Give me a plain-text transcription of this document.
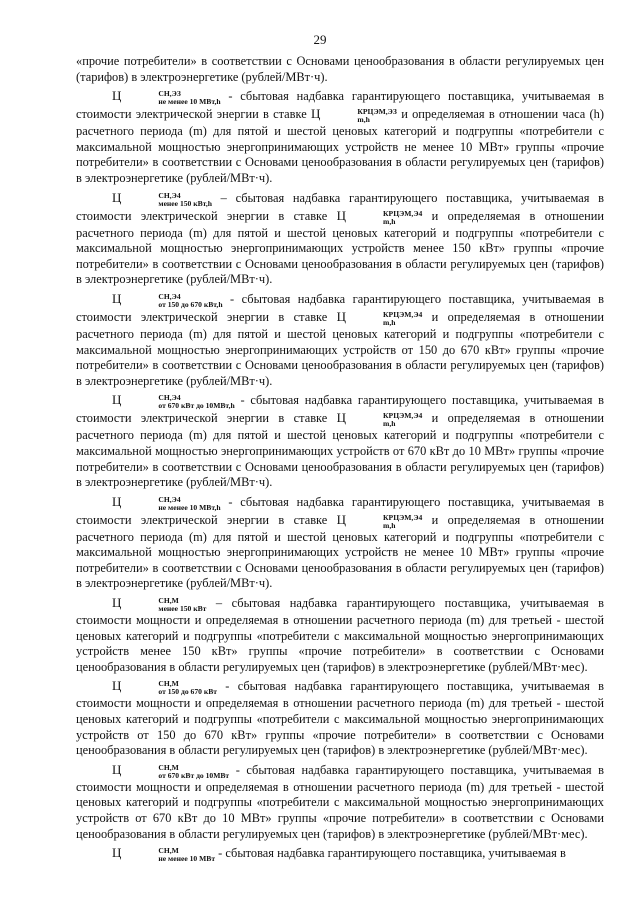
29

«прочие потребители» в соответствии с Основами ценообразования в области регулируемых цен (тарифов) в электроэнергетике (рублей/МВт·ч).

Ц	СН,ЭЗ
не менее 10 МВт,h - сбытовая надбавка гарантирующего поставщика, учитываемая в стоимости электрической энергии в ставке Ц	КРЦЭМ,ЭЗ
m,h	и определяемая в отношении часа (h) расчетного периода (m) для пятой и шестой ценовых категорий и подгруппы «потребители с максимальной мощностью энергопринимающих устройств не менее 10 МВт» группы «прочие потребители» в соответствии с Основами ценообразования в области регулируемых цен (тарифов) в электроэнергетике (рублей/МВт·ч).

Ц	СН,Э4
менее 150 кВт,h – сбытовая надбавка гарантирующего поставщика, учитываемая в стоимости электрической энергии в ставке Ц	КРЦЭМ,Э4
m,h	и определяемая в отношении расчетного периода (m) для пятой и шестой ценовых категорий и подгруппы «потребители с максимальной мощностью энергопринимающих устройств менее 150 кВт» группы «прочие потребители» в соответствии с Основами ценообразования в области регулируемых цен (тарифов) в электроэнергетике (рублей/МВт·ч).

Ц	СН,Э4
от 150 до 670 кВт,h - сбытовая надбавка гарантирующего поставщика, учитываемая в стоимости электрической энергии в ставке Ц	КРЦЭМ,Э4
m,h	и определяемая в отношении расчетного периода (m) для пятой и шестой ценовых категорий и подгруппы «потребители с максимальной мощностью энергопринимающих устройств от 150 до 670 кВт» группы «прочие потребители» в соответствии с Основами ценообразования в области регулируемых цен (тарифов) в электроэнергетике (рублей/МВт·ч).

Ц	СН,Э4
от 670 кВт до 10МВт,h - сбытовая надбавка гарантирующего поставщика, учитываемая в стоимости электрической энергии в ставке Ц	КРЦЭМ,Э4
m,h	и определяемая в отношении расчетного периода (m) для пятой и шестой ценовых категорий и подгруппы «потребители с максимальной мощностью энергопринимающих устройств от 670 кВт до 10 МВт» группы «прочие потребители» в соответствии с Основами ценообразования в области регулируемых цен (тарифов) в электроэнергетике (рублей/МВт·ч).

Ц	СН,Э4
не менее 10 МВт,h - сбытовая надбавка гарантирующего поставщика, учитываемая в стоимости электрической энергии в ставке Ц	КРЦЭМ,Э4
m,h	и определяемая в отношении расчетного периода (m) для пятой и шестой ценовых категорий и подгруппы «потребители с максимальной мощностью энергопринимающих устройств не менее 10 МВт» группы «прочие потребители» в соответствии с Основами ценообразования в области регулируемых цен (тарифов) в электроэнергетике (рублей/МВт·ч).

Ц	СН,М
менее 150 кВт – сбытовая надбавка гарантирующего поставщика, учитываемая в стоимости мощности и определяемая в отношении расчетного периода (m) для третьей - шестой ценовых категорий и подгруппы «потребители с максимальной мощностью энергопринимающих устройств менее 150 кВт» группы «прочие потребители» в соответствии с Основами ценообразования в области регулируемых цен (тарифов) в электроэнергетике (рублей/МВт·мес).

Ц	СН,М
от 150 до 670 кВт - сбытовая надбавка гарантирующего поставщика, учитываемая в стоимости мощности и определяемая в отношении расчетного периода (m) для третьей - шестой ценовых категорий и подгруппы «потребители с максимальной мощностью энергопринимающих устройств от 150 до 670 кВт» группы «прочие потребители» в соответствии с Основами ценообразования в области регулируемых цен (тарифов) в электроэнергетике (рублей/МВт·мес).

Ц	СН,М
от 670 кВт до 10МВт - сбытовая надбавка гарантирующего поставщика, учитываемая в стоимости мощности и определяемая в отношении расчетного периода (m) для третьей - шестой ценовых категорий и подгруппы «потребители с максимальной мощностью энергопринимающих устройств от 670 кВт до 10 МВт» группы «прочие потребители» в соответствии с Основами ценообразования в области регулируемых цен (тарифов) в электроэнергетике (рублей/МВт·мес).

Ц	СН,М
не менее 10 МВт - сбытовая надбавка гарантирующего поставщика, учитываемая в
